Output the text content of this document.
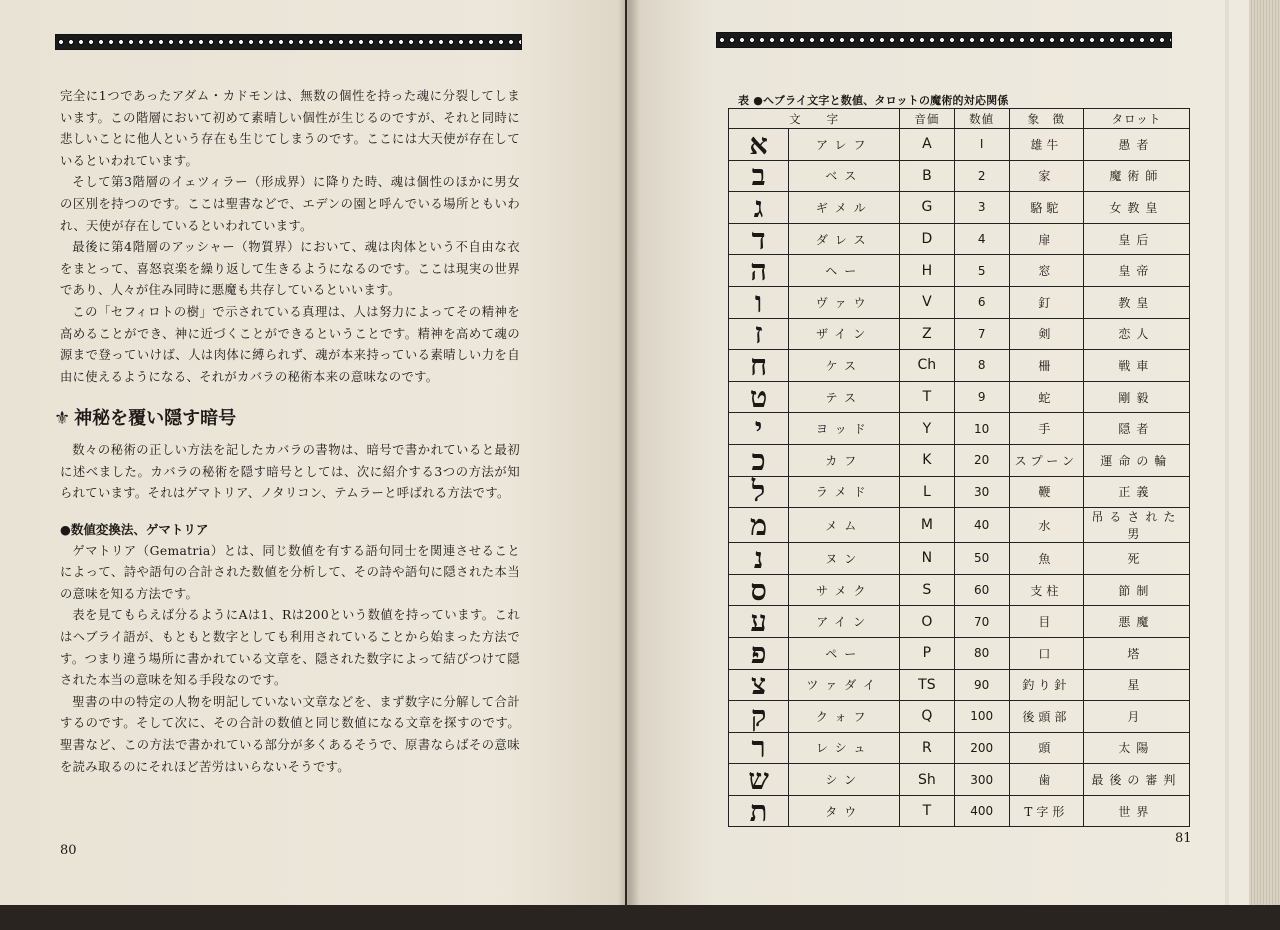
完全に1つであったアダム・カドモンは、無数の個性を持った魂に分裂してしまいます。この階層において初めて素晴しい個性が生じるのですが、それと同時に悲しいことに他人という存在も生じてしまうのです。ここには大天使が存在しているといわれています。

そして第3階層のイェツィラー（形成界）に降りた時、魂は個性のほかに男女の区別を持つのです。ここは聖書などで、エデンの園と呼んでいる場所ともいわれ、天使が存在しているといわれています。

最後に第4階層のアッシャー（物質界）において、魂は肉体という不自由な衣をまとって、喜怒哀楽を繰り返して生きるようになるのです。ここは現実の世界であり、人々が住み同時に悪魔も共存しているといいます。

この「セフィロトの樹」で示されている真理は、人は努力によってその精神を高めることができ、神に近づくことができるということです。精神を高めて魂の源まで登っていけば、人は肉体に縛られず、魂が本来持っている素晴しい力を自由に使えるようになる、それがカバラの秘術本来の意味なのです。

⚜ 神秘を覆い隠す暗号

数々の秘術の正しい方法を記したカバラの書物は、暗号で書かれていると最初に述べました。カバラの秘術を隠す暗号としては、次に紹介する3つの方法が知られています。それはゲマトリア、ノタリコン、テムラーと呼ばれる方法です。

●数値変換法、ゲマトリア

ゲマトリア（Gematria）とは、同じ数値を有する語句同士を関連させることによって、詩や語句の合計された数値を分析して、その詩や語句に隠された本当の意味を知る方法です。

表を見てもらえば分るようにAは1、Rは200という数値を持っています。これはヘブライ語が、もともと数字としても利用されていることから始まった方法です。つまり違う場所に書かれている文章を、隠された数字によって結びつけて隠された本当の意味を知る手段なのです。

聖書の中の特定の人物を明記していない文章などを、まず数字に分解して合計するのです。そして次に、その合計の数値と同じ数値になる文章を探すのです。聖書など、この方法で書かれている部分が多くあるそうで、原書ならばその意味を読み取るのにそれほど苦労はいらないそうです。

80
表 ●ヘブライ文字と数値、タロットの魔術的対応関係
文　　字		音価	数値	象　徴	タロット
א	アレフ	A	I	雄牛	愚者
ב	ベス	B	2	家	魔術師
ג	ギメル	G	3	駱駝	女教皇
ד	ダレス	D	4	扉	皇后
ה	ヘー	H	5	窓	皇帝
ו	ヴァウ	V	6	釘	教皇
ז	ザイン	Z	7	剣	恋人
ח	ケス	Ch	8	柵	戦車
ט	テス	T	9	蛇	剛毅
י	ヨッド	Y	10	手	隠者
כ	カフ	K	20	スプーン	運命の輪
ל	ラメド	L	30	鞭	正義
מ	メム	M	40	水	吊るされた男
נ	ヌン	N	50	魚	死
ס	サメク	S	60	支柱	節制
ע	アイン	O	70	目	悪魔
פ	ペー	P	80	口	塔
צ	ツァダイ	TS	90	釣り針	星
ק	クォフ	Q	100	後頭部	月
ר	レシュ	R	200	頭	太陽
ש	シン	Sh	300	歯	最後の審判
ת	タウ	T	400	T字形	世界
81
